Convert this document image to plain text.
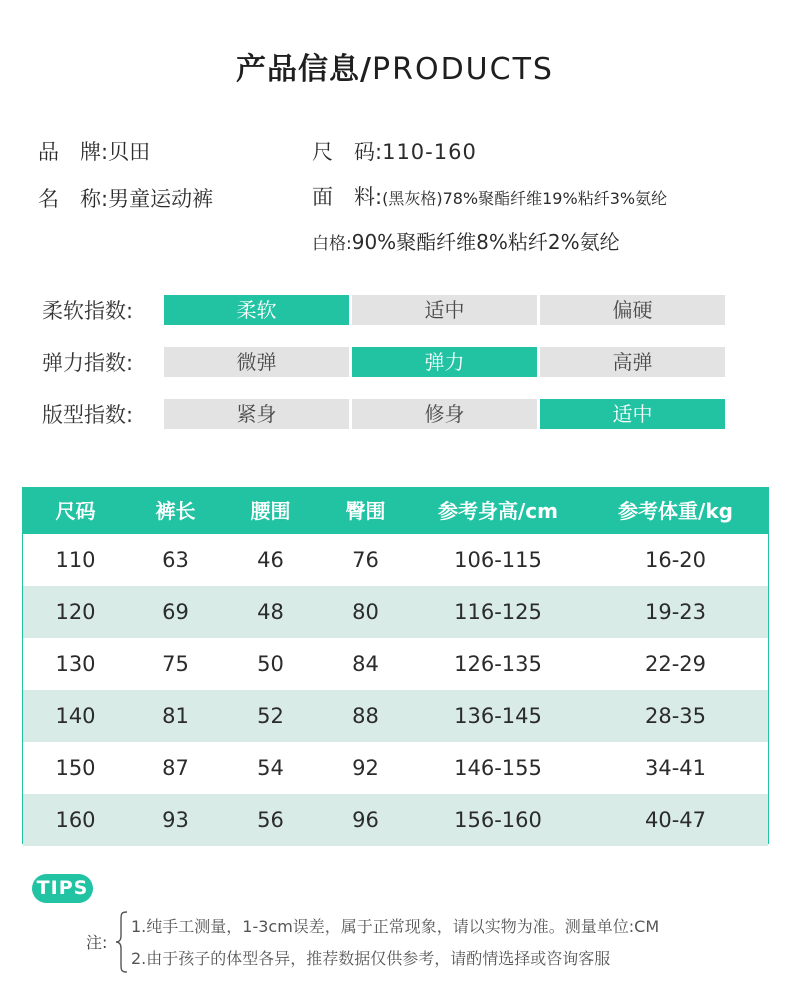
产品信息/PRODUCTS
品　牌:贝田
名　称:男童运动裤
尺　码:110-160
面　料:(黑灰格)78%聚酯纤维19%粘纤3%氨纶
白格:90%聚酯纤维8%粘纤2%氨纶
柔软指数:	柔软	适中	偏硬
弹力指数:	微弹	弹力	高弹
版型指数:	紧身	修身	适中
尺码	裤长	腰围	臀围	参考身高/cm	参考体重/kg
110	63	46	76	106-115	16-20
120	69	48	80	116-125	19-23
130	75	50	84	126-135	22-29
140	81	52	88	136-145	28-35
150	87	54	92	146-155	34-41
160	93	56	96	156-160	40-47
TIPS
注:
1.纯手工测量，1-3cm误差，属于正常现象，请以实物为准。测量单位:CM
2.由于孩子的体型各异，推荐数据仅供参考，请酌情选择或咨询客服
